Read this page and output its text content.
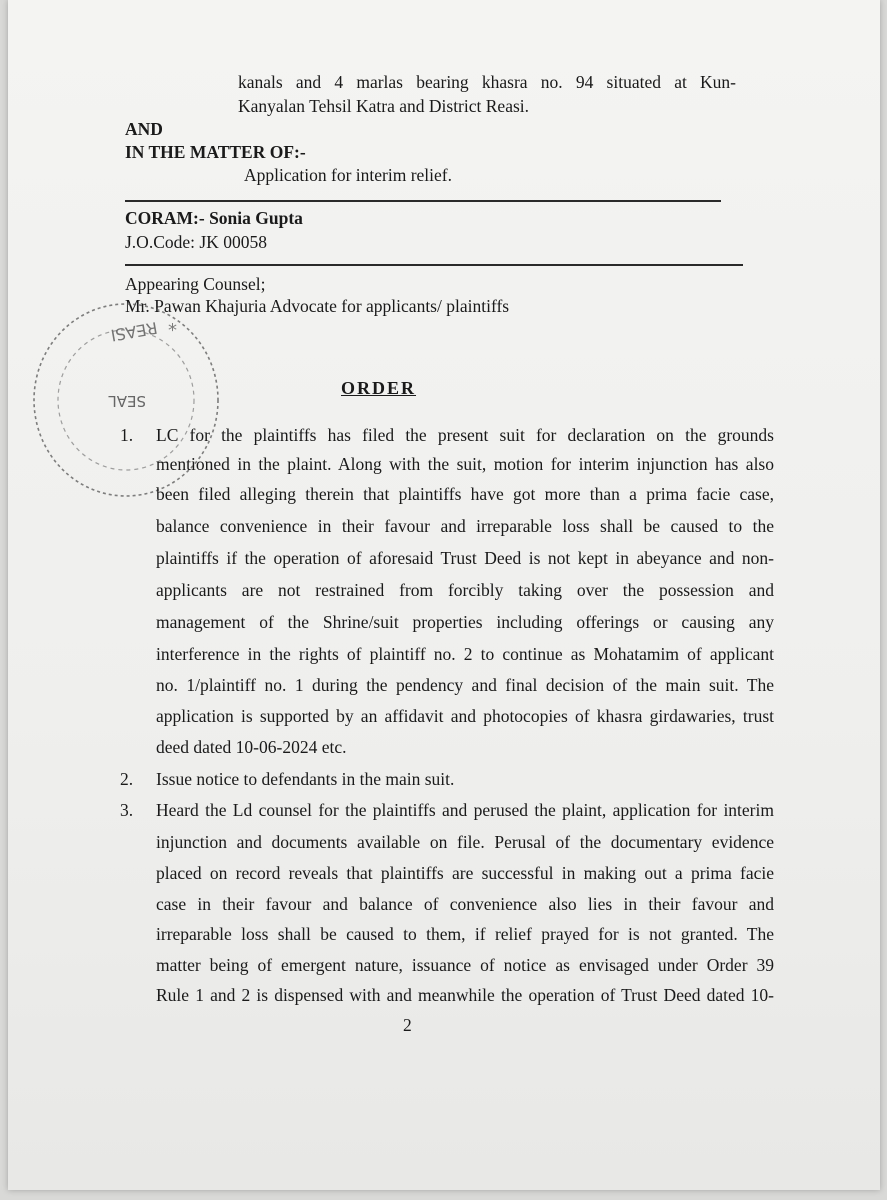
kanals and 4 marlas bearing khasra no. 94 situated at Kun-
Kanyalan Tehsil Katra and District Reasi.
AND
IN THE MATTER OF:-
Application for interim relief.
CORAM:- Sonia Gupta
J.O.Code: JK 00058
Appearing Counsel;
Mr. Pawan Khajuria Advocate for applicants/ plaintiffs
REASI
SEAL
*
ORDER
1. LC for the plaintiffs has filed the present suit for declaration on the grounds
mentioned in the plaint. Along with the suit, motion for interim injunction has also
been filed alleging therein that plaintiffs have got more than a prima facie case,
balance convenience in their favour and irreparable loss shall be caused to the
plaintiffs if the operation of aforesaid Trust Deed is not kept in abeyance and non-
applicants are not restrained from forcibly taking over the possession and
management of the Shrine/suit properties including offerings or causing any
interference in the rights of plaintiff no. 2 to continue as Mohatamim of applicant
no. 1/plaintiff no. 1 during the pendency and final decision of the main suit. The
application is supported by an affidavit and photocopies of khasra girdawaries, trust
deed dated 10-06-2024 etc.
2. Issue notice to defendants in the main suit.
3. Heard the Ld counsel for the plaintiffs and perused the plaint, application for interim
injunction and documents available on file. Perusal of the documentary evidence
placed on record reveals that plaintiffs are successful in making out a prima facie
case in their favour and balance of convenience also lies in their favour and
irreparable loss shall be caused to them, if relief prayed for is not granted. The
matter being of emergent nature, issuance of notice as envisaged under Order 39
Rule 1 and 2 is dispensed with and meanwhile the operation of Trust Deed dated 10-
2
